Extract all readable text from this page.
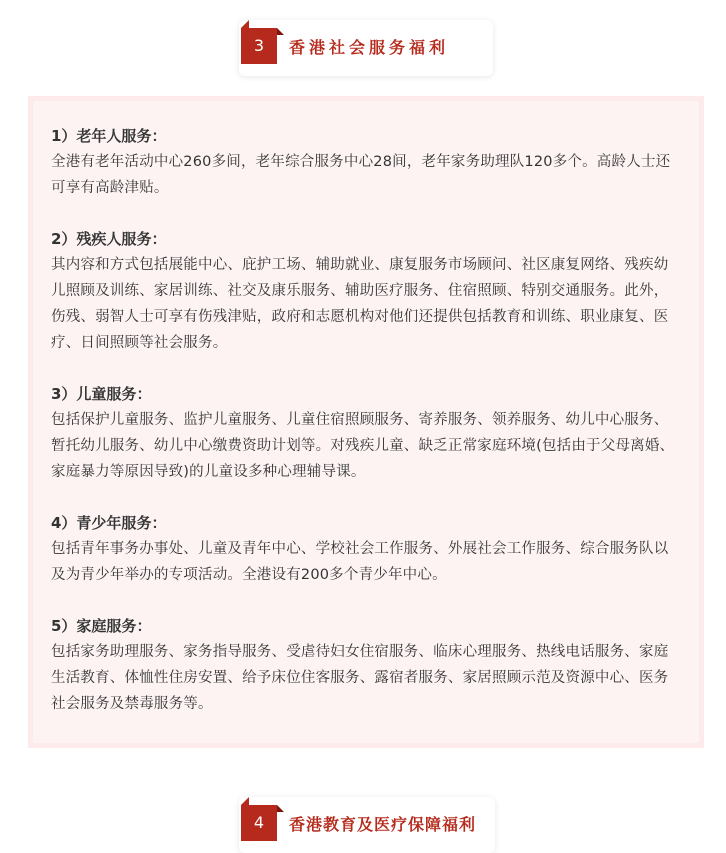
3	香港社会服务福利

1）老年人服务：

全港有老年活动中心260多间，老年综合服务中心28间，老年家务助理队120多个。高龄人士还可享有高龄津贴。

2）残疾人服务：

其内容和方式包括展能中心、庇护工场、辅助就业、康复服务市场顾问、社区康复网络、残疾幼儿照顾及训练、家居训练、社交及康乐服务、辅助医疗服务、住宿照顾、特别交通服务。此外，伤残、弱智人士可享有伤残津贴，政府和志愿机构对他们还提供包括教育和训练、职业康复、医疗、日间照顾等社会服务。

3）儿童服务：

包括保护儿童服务、监护儿童服务、儿童住宿照顾服务、寄养服务、领养服务、幼儿中心服务、暂托幼儿服务、幼儿中心缴费资助计划等。对残疾儿童、缺乏正常家庭环境(包括由于父母离婚、家庭暴力等原因导致)的儿童设多种心理辅导课。

4）青少年服务：

包括青年事务办事处、儿童及青年中心、学校社会工作服务、外展社会工作服务、综合服务队以及为青少年举办的专项活动。全港设有200多个青少年中心。

5）家庭服务：

包括家务助理服务、家务指导服务、受虐待妇女住宿服务、临床心理服务、热线电话服务、家庭生活教育、体恤性住房安置、给予床位住客服务、露宿者服务、家居照顾示范及资源中心、医务社会服务及禁毒服务等。

4	香港教育及医疗保障福利
